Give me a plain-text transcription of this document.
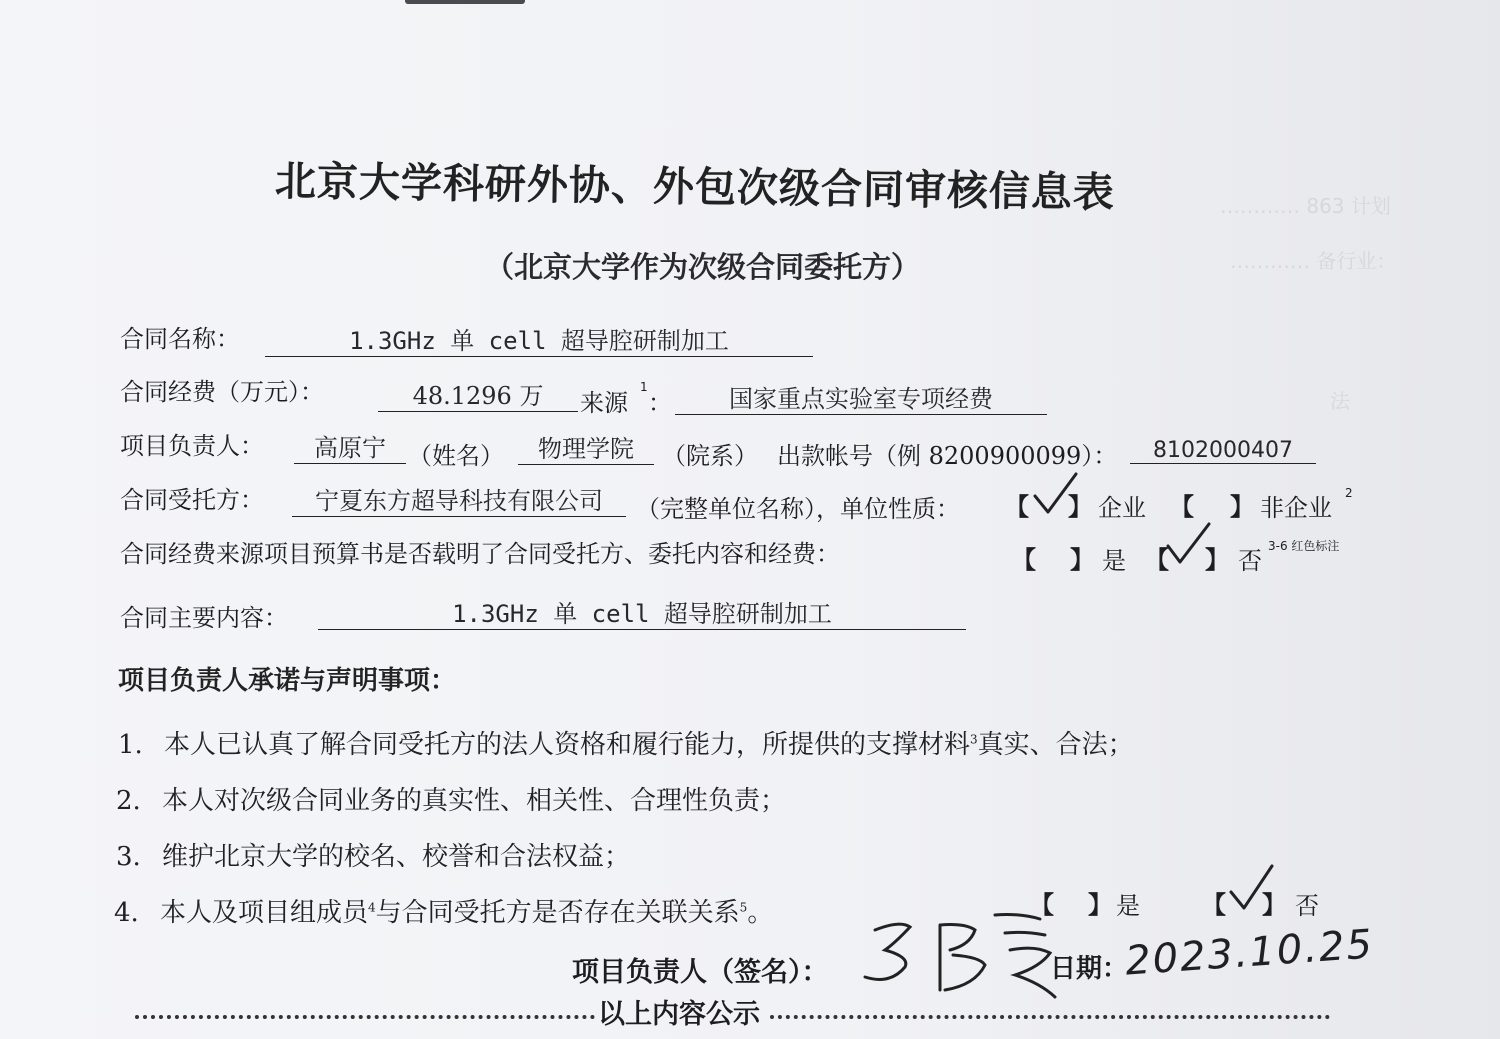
………… 863 计划
………… 备行业：
法
北京大学科研外协、外包次级合同审核信息表
（北京大学作为次级合同委托方）
合同名称：	1.3GHz 单 cell 超导腔研制加工
合同经费（万元）：	48.1296 万	来源
1
：	国家重点实验室专项经费
项目负责人：	高原宁 （姓名）	物理学院	（院系） 出款帐号（例 8200900099）：	8102000407
合同受托方：	宁夏东方超导科技有限公司	（完整单位名称），单位性质： 【 】 企业 【 】 非企业
2
合同经费来源项目预算书是否载明了合同受托方、委托内容和经费：	【 】 是 【 】 否
3-6 红色标注
合同主要内容：	1.3GHz 单 cell 超导腔研制加工
项目负责人承诺与声明事项：
1. 本人已认真了解合同受托方的法人资格和履行能力，所提供的支撑材料$^3$真实、合法；
2. 本人对次级合同业务的真实性、相关性、合理性负责；
3. 维护北京大学的校名、校誉和合法权益；
4. 本人及项目组成员$^4$与合同受托方是否存在关联关系$^5$。	【 】 是	【 】 否
项目负责人（签名）：	日期：
2023.10.25
以上内容公示
